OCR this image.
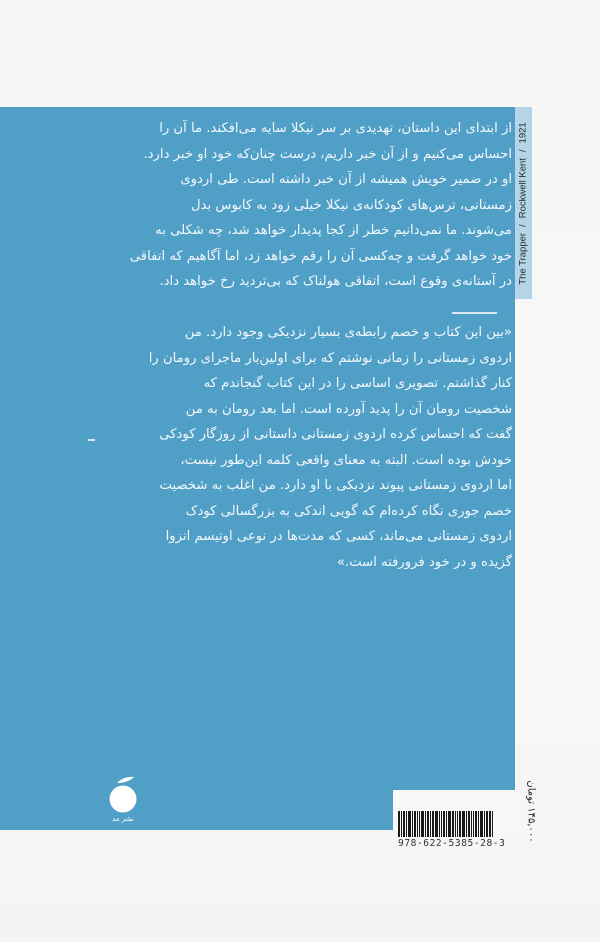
The Trapper
/
Rockwell Kent
/
1921
از ابتدای این داستان، تهدیدی بر سر نیکلا سایه می‌افکند. ما آن را
احساس می‌کنیم و از آن خبر داریم، درست چنان‌که خود او خبر دارد.
او در ضمیر خویش همیشه از آن خبر داشته است. طی اردوی
زمستانی، ترس‌های کودکانه‌ی نیکلا خیلی زود به کابوس بدل
می‌شوند. ما نمی‌دانیم خطر از کجا پدیدار خواهد شد، چه شکلی به
خود خواهد گرفت و چه‌کسی آن را رقم خواهد زد، اما آگاهیم که اتفاقی
در آستانه‌ی وقوع است، اتفاقی هولناک که بی‌تردید رخ خواهد داد.
«بین این کتاب و خصم رابطه‌ی بسیار نزدیکی وجود دارد. من
اردوی زمستانی را زمانی نوشتم که برای اولین‌بار ماجرای رومان را
کنار گذاشتم. تصویری اساسی را در این کتاب گنجاندم که
شخصیت رومان آن را پدید آورده است. اما بعد رومان به من
گفت که احساس کرده اردوی زمستانی داستانی از روزگار کودکی
خودش بوده است. البته به معنای واقعی کلمه این‌طور نیست،
اما اردوی زمستانی پیوند نزدیکی با او دارد. من اغلب به شخصیت
خصم جوری نگاه کرده‌ام که گویی اندکی به بزرگسالی کودک
اردوی زمستانی می‌ماند، کسی که مدت‌ها در نوعی اوتیسم انزوا
گزیده و در خود فرورفته است.»
نشر مد
978-622-5385-28-3
۱۴۵,۰۰۰ تومان
